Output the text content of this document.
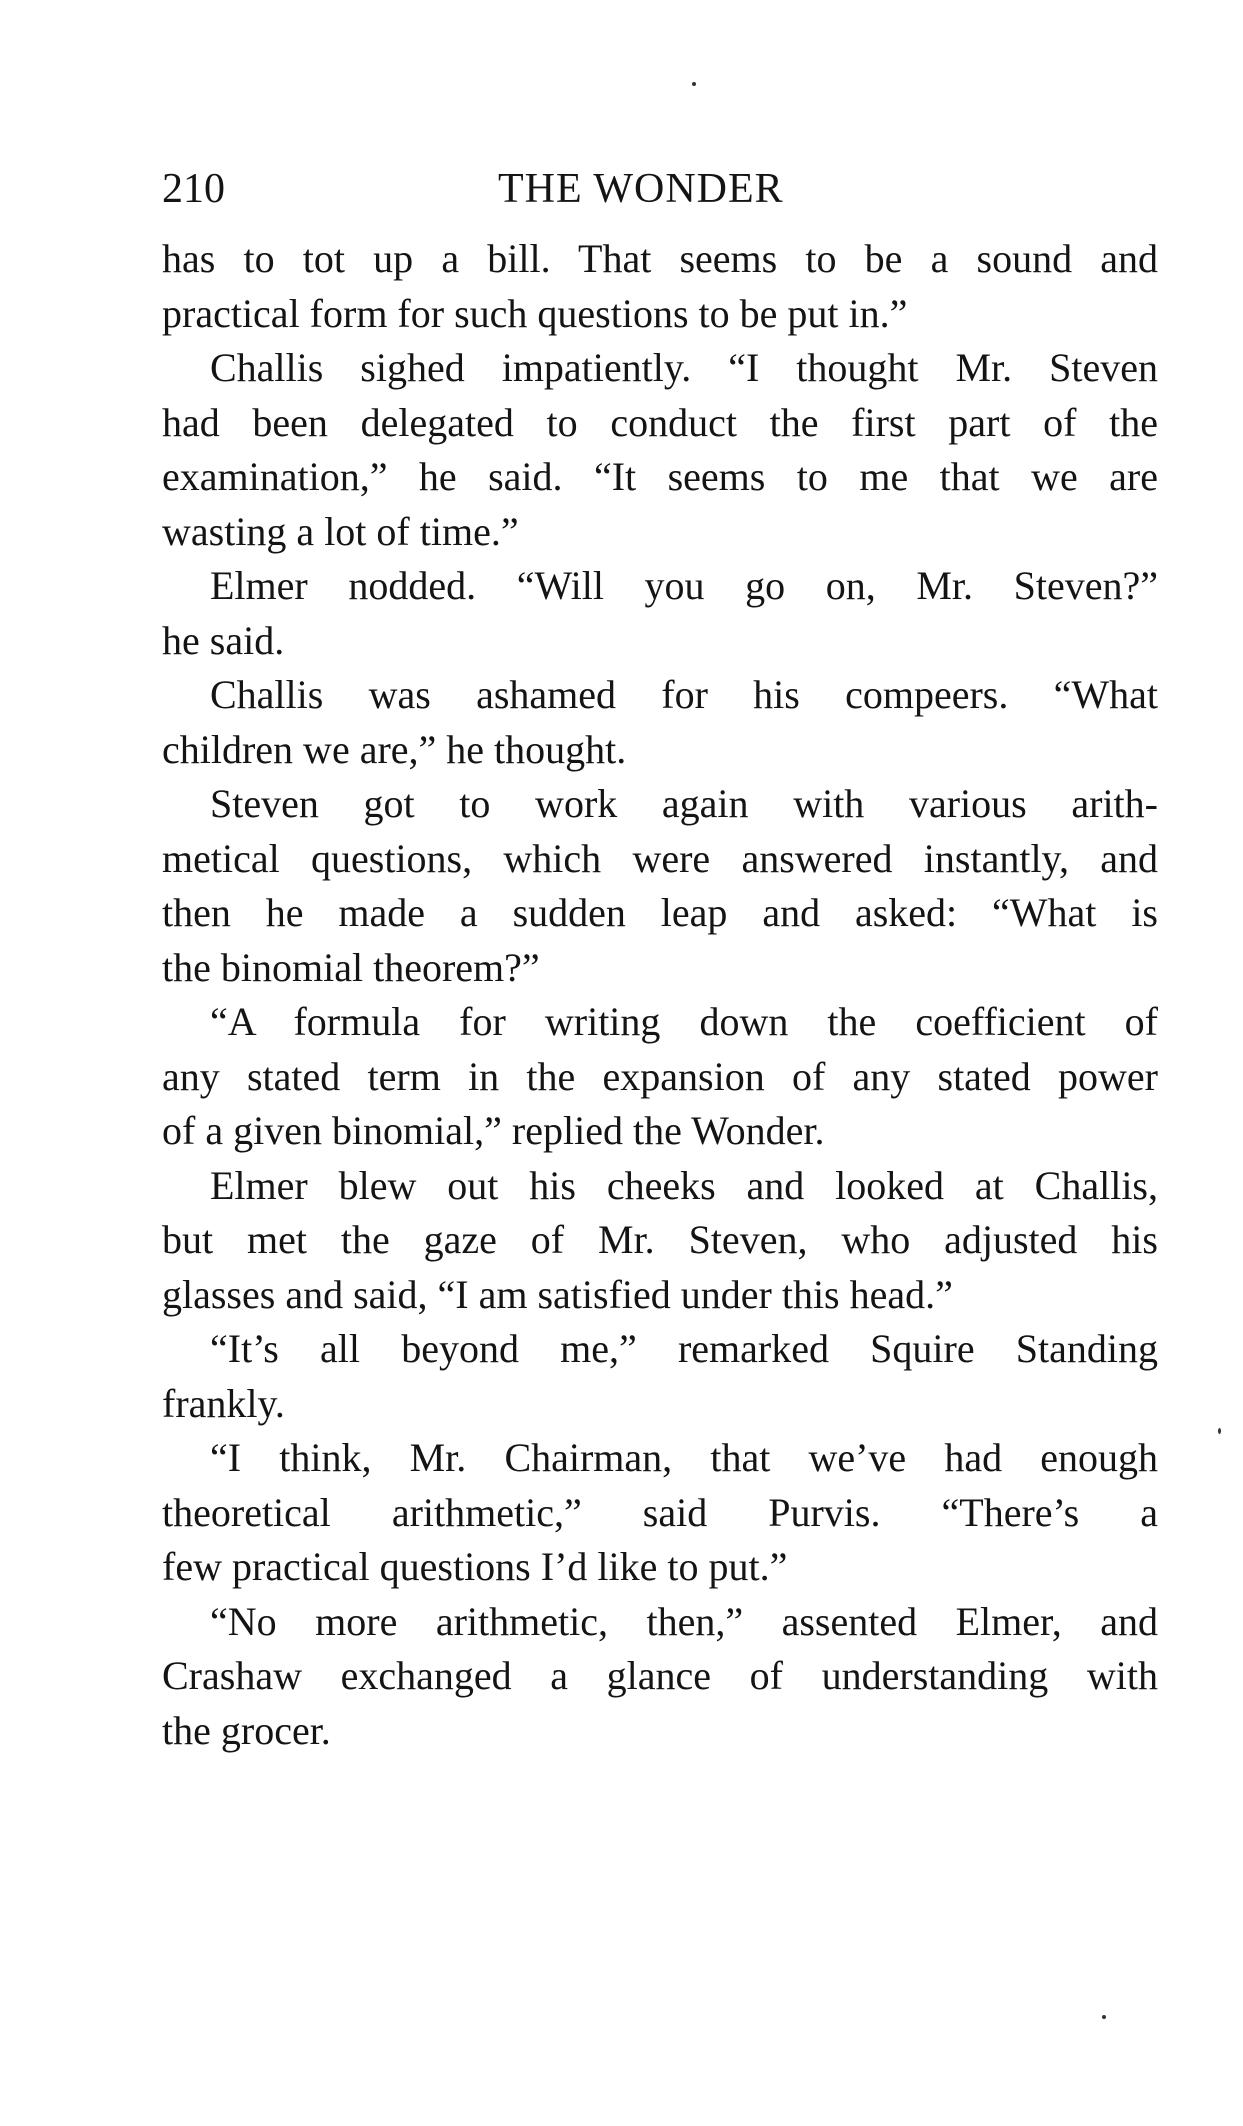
210	THE WONDER
has to tot up a bill. That seems to be a sound and
practical form for such questions to be put in.”
Challis sighed impatiently. “I thought Mr. Steven
had been delegated to conduct the first part of the
examination,” he said. “It seems to me that we are
wasting a lot of time.”
Elmer nodded. “Will you go on, Mr. Steven?”
he said.
Challis was ashamed for his compeers. “What
children we are,” he thought.
Steven got to work again with various arith-
metical questions, which were answered instantly, and
then he made a sudden leap and asked: “What is
the binomial theorem?”
“A formula for writing down the coefficient of
any stated term in the expansion of any stated power
of a given binomial,” replied the Wonder.
Elmer blew out his cheeks and looked at Challis,
but met the gaze of Mr. Steven, who adjusted his
glasses and said, “I am satisfied under this head.”
“It’s all beyond me,” remarked Squire Standing
frankly.
“I think, Mr. Chairman, that we’ve had enough
theoretical arithmetic,” said Purvis. “There’s a
few practical questions I’d like to put.”
“No more arithmetic, then,” assented Elmer, and
Crashaw exchanged a glance of understanding with
the grocer.
